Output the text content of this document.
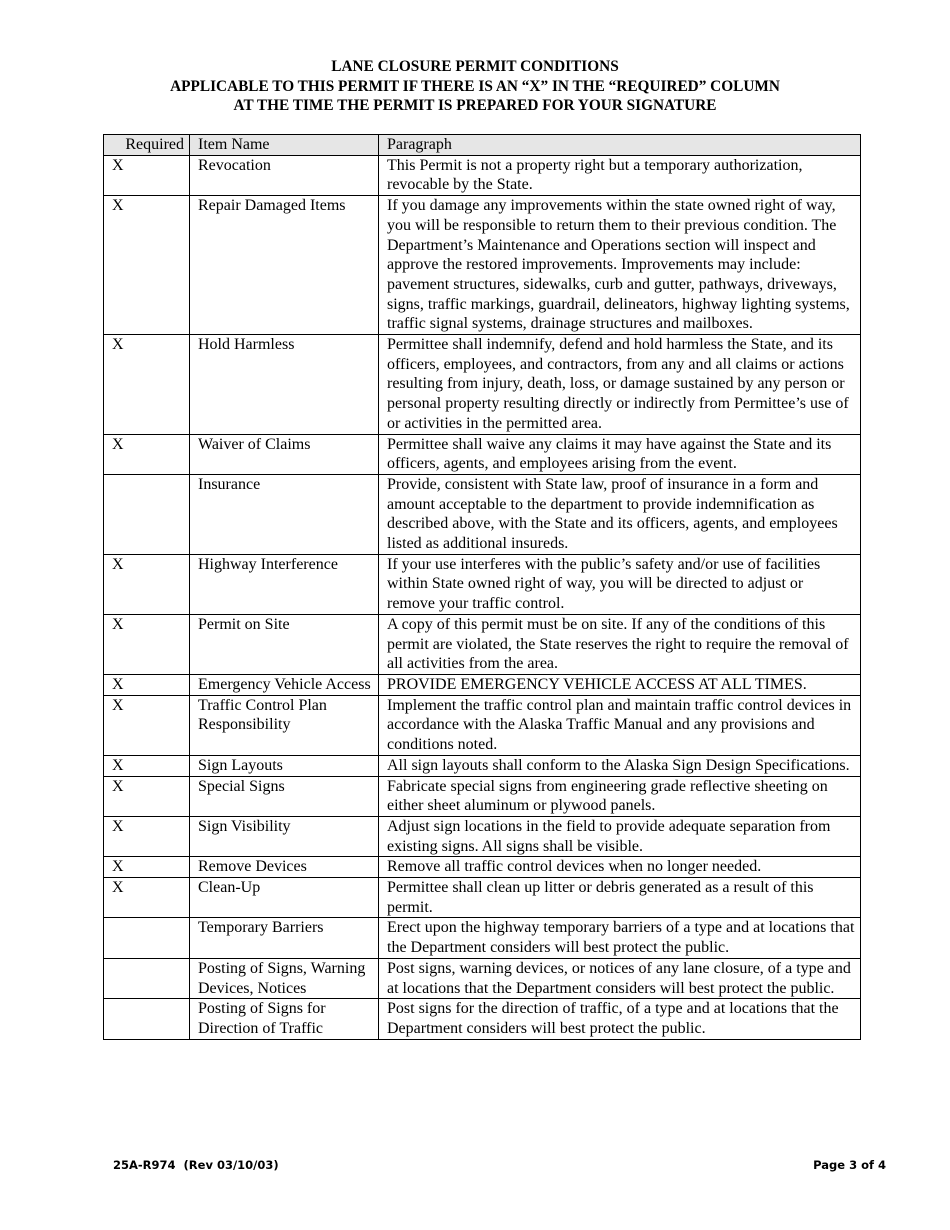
LANE CLOSURE PERMIT CONDITIONS
APPLICABLE TO THIS PERMIT IF THERE IS AN “X” IN THE “REQUIRED” COLUMN
AT THE TIME THE PERMIT IS PREPARED FOR YOUR SIGNATURE
Required	Item Name	Paragraph
X	Revocation	This Permit is not a property right but a temporary authorization, revocable by the State.
X	Repair Damaged Items	If you damage any improvements within the state owned right of way, you will be responsible to return them to their previous condition. The Department’s Maintenance and Operations section will inspect and approve the restored improvements. Improvements may include: pavement structures, sidewalks, curb and gutter, pathways, driveways, signs, traffic markings, guardrail, delineators, highway lighting systems, traffic signal systems, drainage structures and mailboxes.
X	Hold Harmless	Permittee shall indemnify, defend and hold harmless the State, and its officers, employees, and contractors, from any and all claims or actions resulting from injury, death, loss, or damage sustained by any person or personal property resulting directly or indirectly from Permittee’s use of or activities in the permitted area.
X	Waiver of Claims	Permittee shall waive any claims it may have against the State and its officers, agents, and employees arising from the event.
	Insurance	Provide, consistent with State law, proof of insurance in a form and amount acceptable to the department to provide indemnification as described above, with the State and its officers, agents, and employees listed as additional insureds.
X	Highway Interference	If your use interferes with the public’s safety and/or use of facilities within State owned right of way, you will be directed to adjust or remove your traffic control.
X	Permit on Site	A copy of this permit must be on site. If any of the conditions of this permit are violated, the State reserves the right to require the removal of all activities from the area.
X	Emergency Vehicle Access	PROVIDE EMERGENCY VEHICLE ACCESS AT ALL TIMES.
X	Traffic Control Plan Responsibility	Implement the traffic control plan and maintain traffic control devices in accordance with the Alaska Traffic Manual and any provisions and conditions noted.
X	Sign Layouts	All sign layouts shall conform to the Alaska Sign Design Specifications.
X	Special Signs	Fabricate special signs from engineering grade reflective sheeting on either sheet aluminum or plywood panels.
X	Sign Visibility	Adjust sign locations in the field to provide adequate separation from existing signs. All signs shall be visible.
X	Remove Devices	Remove all traffic control devices when no longer needed.
X	Clean-Up	Permittee shall clean up litter or debris generated as a result of this permit.
	Temporary Barriers	Erect upon the highway temporary barriers of a type and at locations that the Department considers will best protect the public.
	Posting of Signs, Warning Devices, Notices	Post signs, warning devices, or notices of any lane closure, of a type and at locations that the Department considers will best protect the public.
	Posting of Signs for Direction of Traffic	Post signs for the direction of traffic, of a type and at locations that the Department considers will best protect the public.
25A-R974  (Rev 03/10/03)	Page 3 of 4
